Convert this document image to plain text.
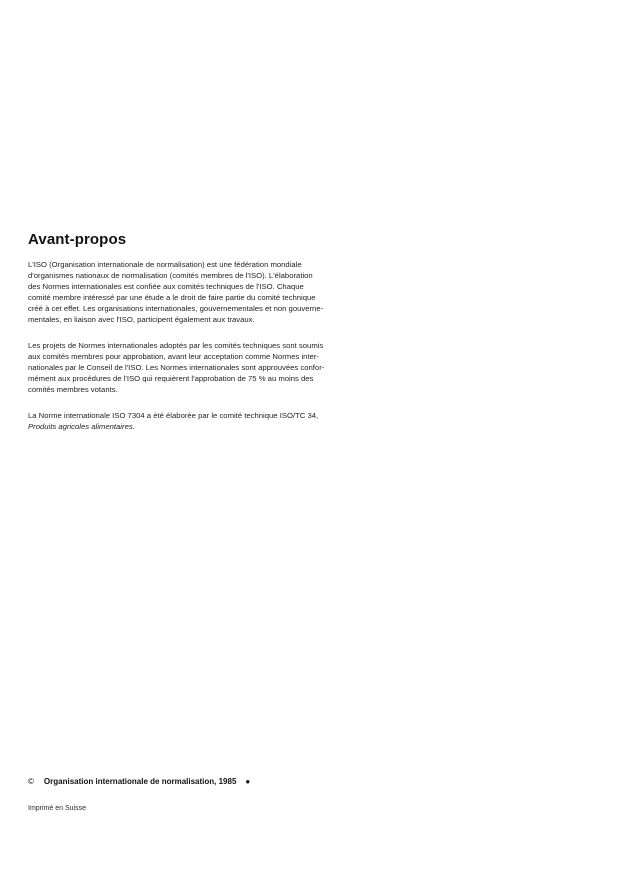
Avant-propos
L'ISO (Organisation internationale de normalisation) est une fédération mondiale
d'organismes nationaux de normalisation (comités membres de l'ISO). L'élaboration
des Normes internationales est confiée aux comités techniques de l'ISO. Chaque
comité membre intéressé par une étude a le droit de faire partie du comité technique
créé à cet effet. Les organisations internationales, gouvernementales et non gouverne-
mentales, en liaison avec l'ISO, participent également aux travaux.
Les projets de Normes internationales adoptés par les comités techniques sont soumis
aux comités membres pour approbation, avant leur acceptation comme Normes inter-
nationales par le Conseil de l'ISO. Les Normes internationales sont approuvées confor-
mément aux procédures de l'ISO qui requièrent l'approbation de 75 % au moins des
comités membres votants.
La Norme internationale ISO 7304 a été élaborée par le comité technique ISO/TC 34,
Produits agricoles alimentaires.
© Organisation internationale de normalisation, 1985 ●
Imprimé en Suisse
